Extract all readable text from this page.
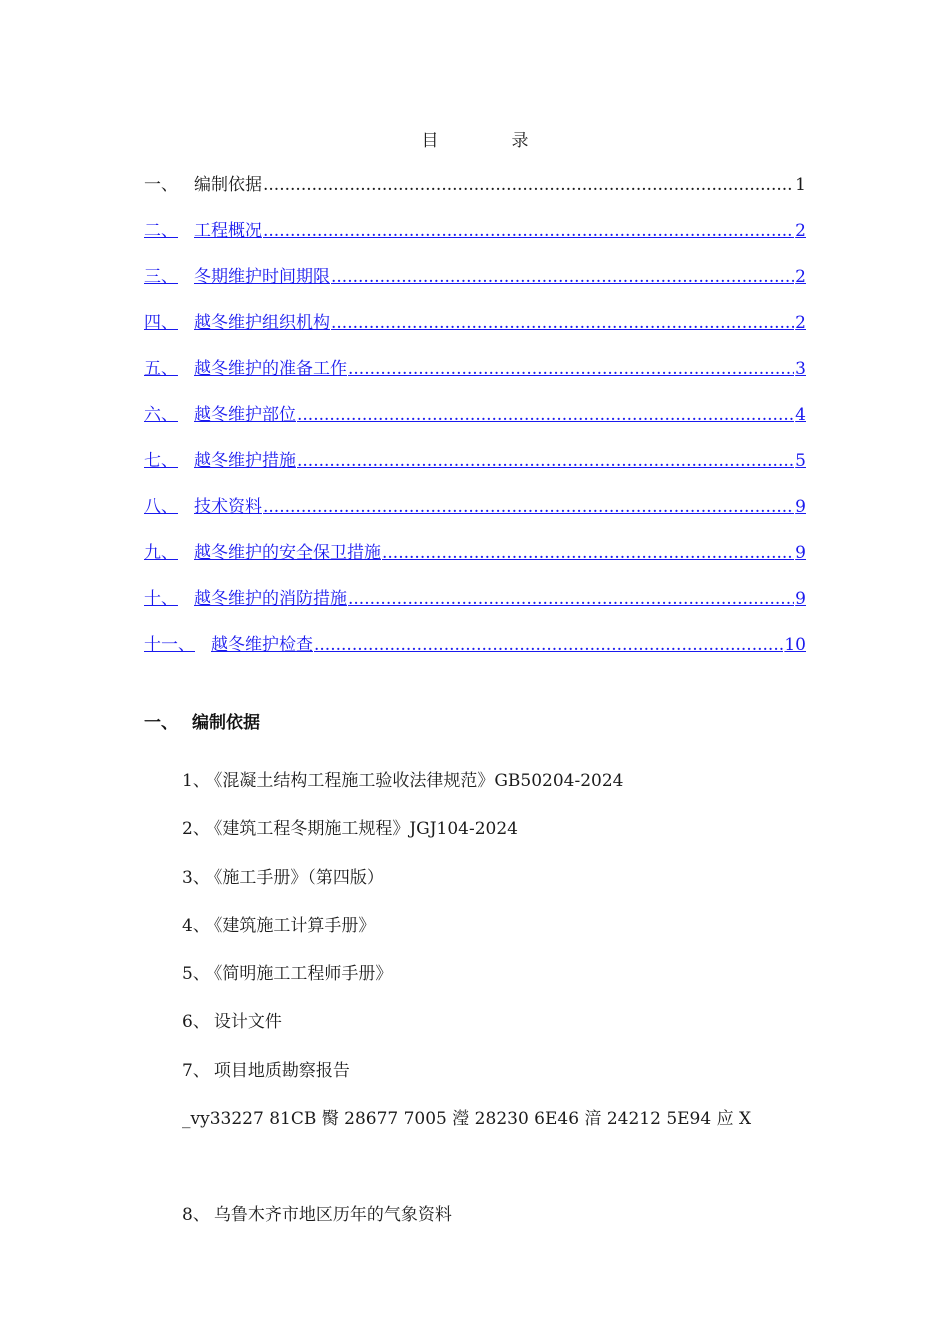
目　录
一、 编制依据 .....	1
二、 工程概况 .....	2
三、 冬期维护时间期限 .....	2
四、 越冬维护组织机构 .....	2
五、 越冬维护的准备工作 .....	3
六、 越冬维护部位 .....	4
七、 越冬维护措施 .....	5
八、 技术资料 .....	9
九、 越冬维护的安全保卫措施 .....	9
十、 越冬维护的消防措施 .....	9
十一、 越冬维护检查 .....	10
一、 编制依据
1、 《混凝土结构工程施工验收法律规范》GB50204-2024
2、 《建筑工程冬期施工规程》JGJ104-2024
3、 《施工手册》（第四版）
4、 《建筑施工计算手册》
5、 《简明施工工程师手册》
6、 设计文件
7、 项目地质勘察报告
_vy33227 81CB 臋 28677 7005 瀅 28230 6E46 湆 24212 5E94 应 X
8、 乌鲁木齐市地区历年的气象资料
